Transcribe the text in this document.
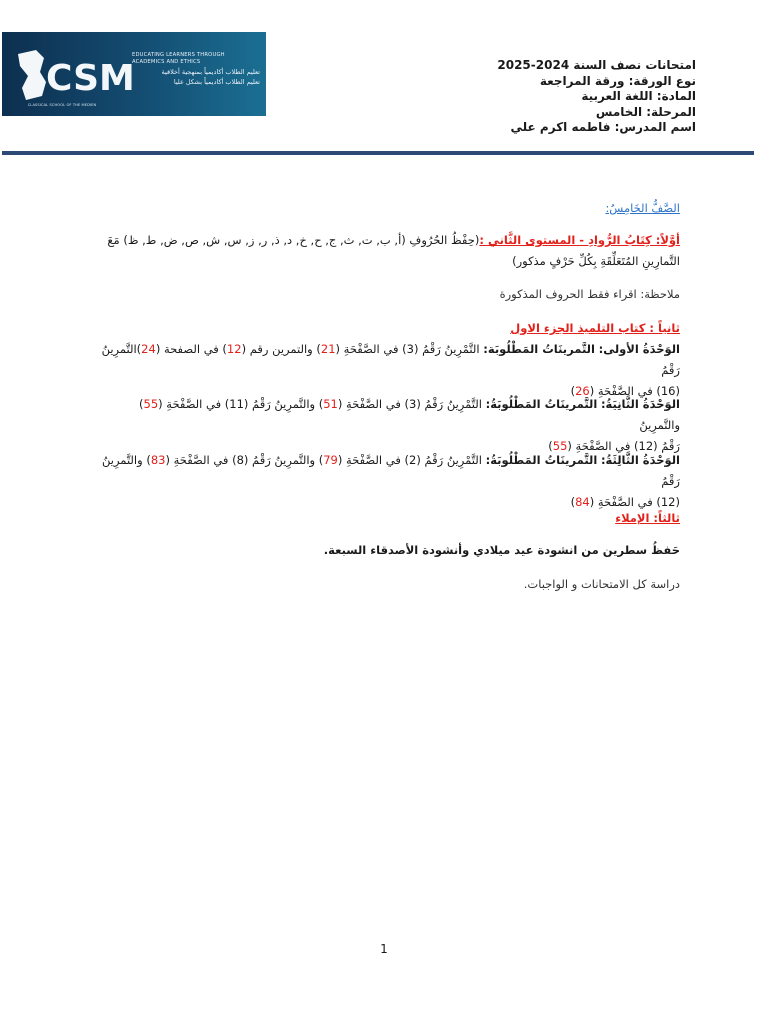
CSM
CLASSICAL SCHOOL OF THE MEDIEN
EDUCATING LEARNERS THROUGH
ACADEMICS AND ETHICS
تعليم الطلاب أكاديمياً بمنهجية أخلاقية
تعليم الطلاب أكاديمياً بشكل عليا
امتحانات نصف السنة 2024-2025
نوع الورقة: ورقة المراجعة
المادة: اللغة العربية
المرحلة: الخامس
اسم المدرس: فاطمه اكرم علي
الصَّفُّ الخَامِسُ:
أوَّلاً: كِتَابُ الرُّوادِ - المستوى الثَّاني :(حِفْظُ الحُرُوفِ (أ, ب, ت, ث, ج, ح, خ, د, ذ, ر, ز, س, ش, ص, ض, ط, ظ) مَعَ
التَّمارِينِ المُتَعَلِّقَةِ بِكُلِّ حَرْفٍ مذكور)
ملاحظة: اقراء فقط الحروف المذكورة
ثانياً : كتاب التلميذ الجزء الاول
الوَحْدَةُ الأولى: التَّمرينَاتُ المَطْلُوبَة: التَّمْرِينُ رَقْمُ (3) في الصَّفْحَةِ (21) والتمرين رقم (12) في الصفحة (24)التَّمرِينُ رَقْمُ
(16) في الصَّفْحَةِ (26)
الوَحْدَةُ الثَّانِيَةُ: التَّمرينَاتُ المَطْلُوبَةُ: التَّمْرِينُ رَقْمُ (3) في الصَّفْحَةِ (51) والتَّمرِينُ رَقْمُ (11) في الصَّفْحَةِ (55) والتَّمرِينُ
رَقْمُ (12) في الصَّفْحَةِ (55)
الوَحْدَةُ الثَّالِثَةُ: التَّمرينَاتُ المَطْلُوبَةُ: التَّمْرِينُ رَقْمُ (2) في الصَّفْحَةِ (79) والتَّمرِينُ رَقْمُ (8) في الصَّفْحَةِ (83) والتَّمرِينُ رَقْمُ
(12) في الصَّفْحَةِ (84)
ثالثاً: الإملاء
حَفظُ سطرين من انشودة عيد ميلادي وأنشودة الأصدقاء السبعة.
دراسة كل الامتحانات و الواجبات.
1
